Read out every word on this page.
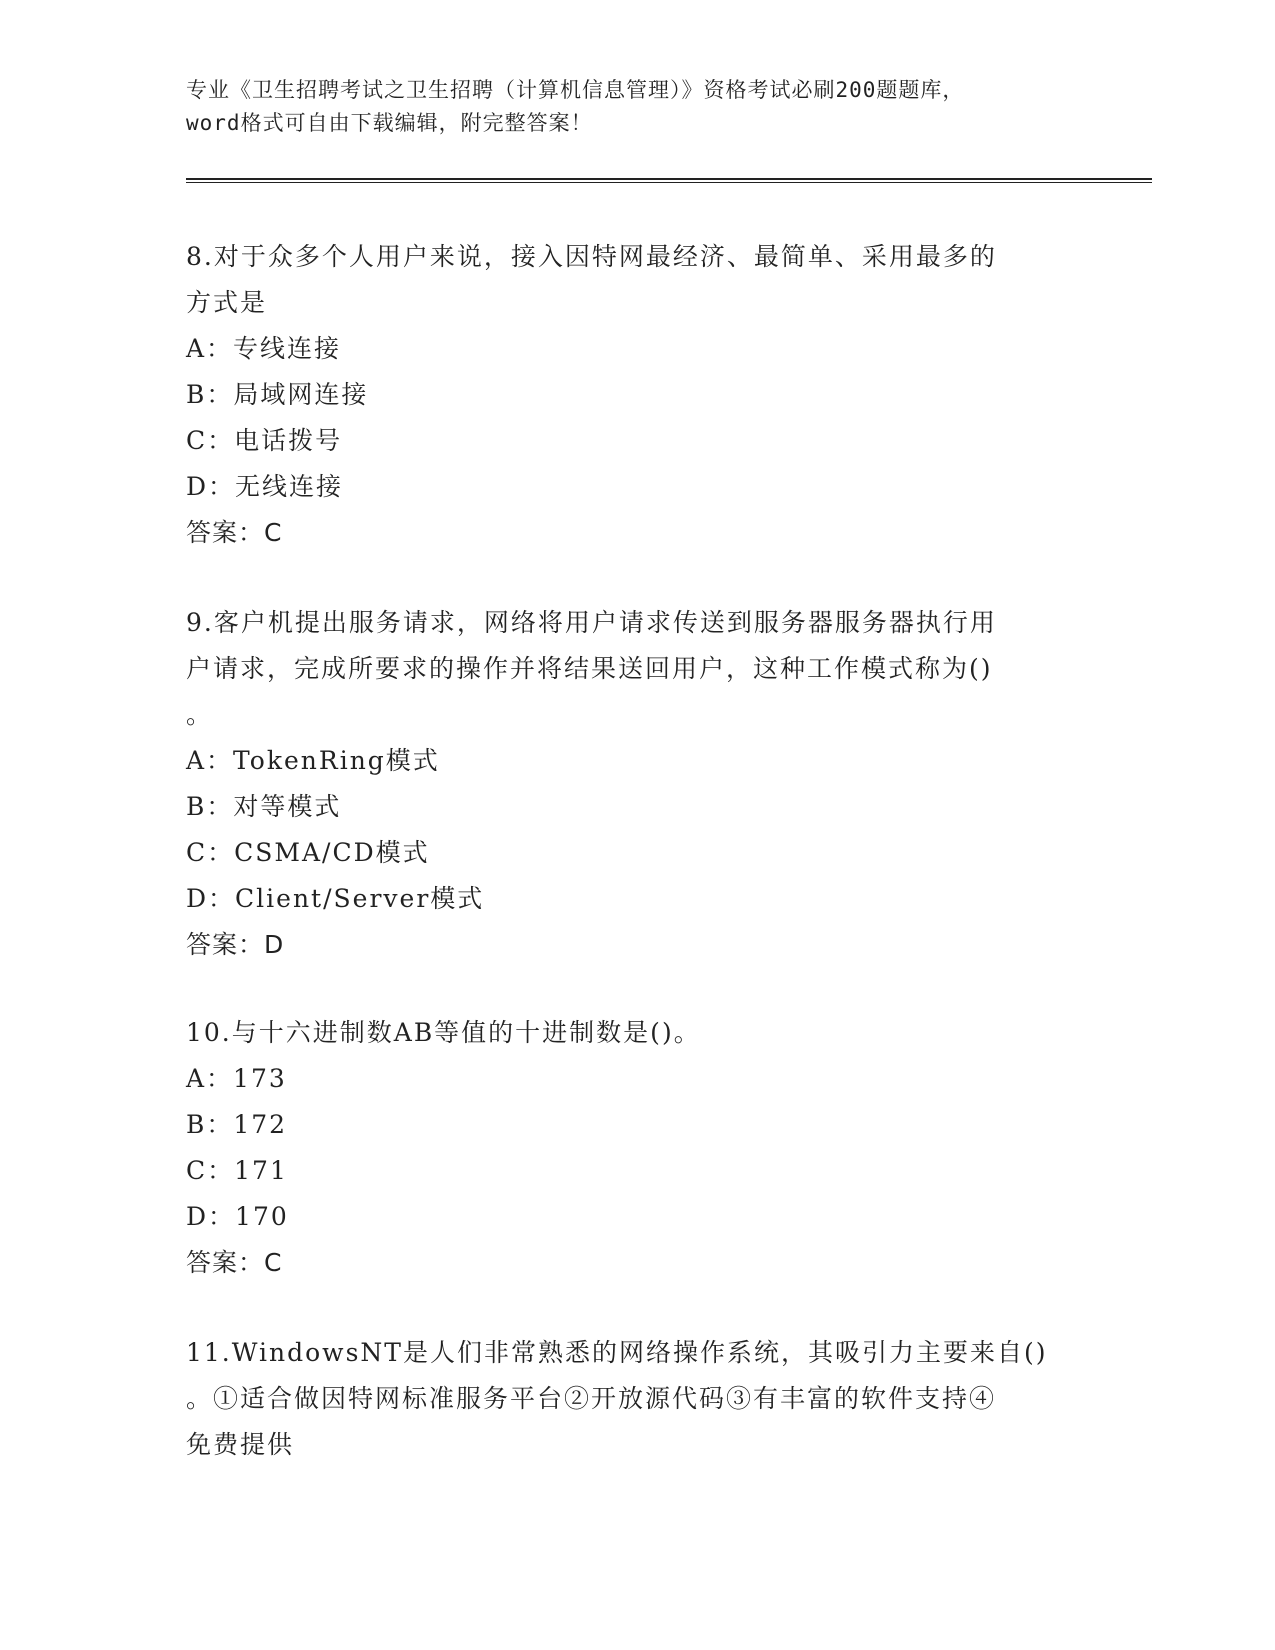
专业《卫生招聘考试之卫生招聘（计算机信息管理）》资格考试必刷200题题库，
word格式可自由下载编辑，附完整答案！
8.对于众多个人用户来说，接入因特网最经济、最简单、采用最多的
方式是
A：专线连接
B：局域网连接
C：电话拨号
D：无线连接
答案：C
9.客户机提出服务请求，网络将用户请求传送到服务器服务器执行用
户请求，完成所要求的操作并将结果送回用户，这种工作模式称为()
。
A：TokenRing模式
B：对等模式
C：CSMA/CD模式
D：Client/Server模式
答案：D
10.与十六进制数AB等值的十进制数是()。
A：173
B：172
C：171
D：170
答案：C
11.WindowsNT是人们非常熟悉的网络操作系统，其吸引力主要来自()
。①适合做因特网标准服务平台②开放源代码③有丰富的软件支持④
免费提供
